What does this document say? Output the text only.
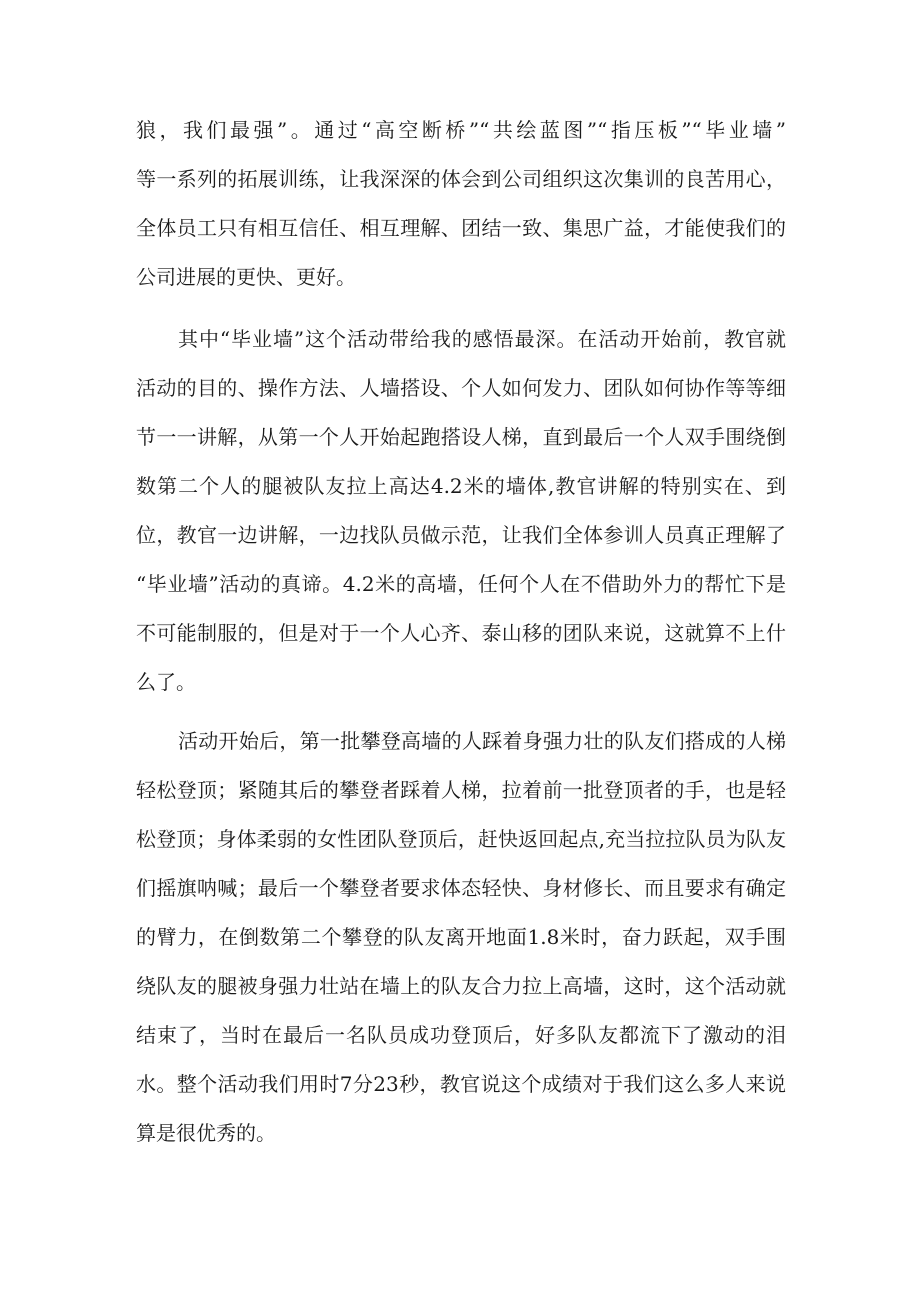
狼，我们最强”。通过“高空断桥”“共绘蓝图”“指压板”“毕业墙”
等一系列的拓展训练，让我深深的体会到公司组织这次集训的良苦用心，
全体员工只有相互信任、相互理解、团结一致、集思广益，才能使我们的
公司进展的更快、更好。
其中“毕业墙”这个活动带给我的感悟最深。在活动开始前，教官就
活动的目的、操作方法、人墙搭设、个人如何发力、团队如何协作等等细
节一一讲解，从第一个人开始起跑搭设人梯，直到最后一个人双手围绕倒
数第二个人的腿被队友拉上高达4.2米的墙体,教官讲解的特别实在、到
位，教官一边讲解，一边找队员做示范，让我们全体参训人员真正理解了
“毕业墙”活动的真谛。4.2米的高墙，任何个人在不借助外力的帮忙下是
不可能制服的，但是对于一个人心齐、泰山移的团队来说，这就算不上什
么了。
活动开始后，第一批攀登高墙的人踩着身强力壮的队友们搭成的人梯
轻松登顶；紧随其后的攀登者踩着人梯，拉着前一批登顶者的手，也是轻
松登顶；身体柔弱的女性团队登顶后，赶快返回起点,充当拉拉队员为队友
们摇旗呐喊；最后一个攀登者要求体态轻快、身材修长、而且要求有确定
的臂力，在倒数第二个攀登的队友离开地面1.8米时，奋力跃起，双手围
绕队友的腿被身强力壮站在墙上的队友合力拉上高墙，这时，这个活动就
结束了，当时在最后一名队员成功登顶后，好多队友都流下了激动的泪
水。整个活动我们用时7分23秒，教官说这个成绩对于我们这么多人来说
算是很优秀的。
